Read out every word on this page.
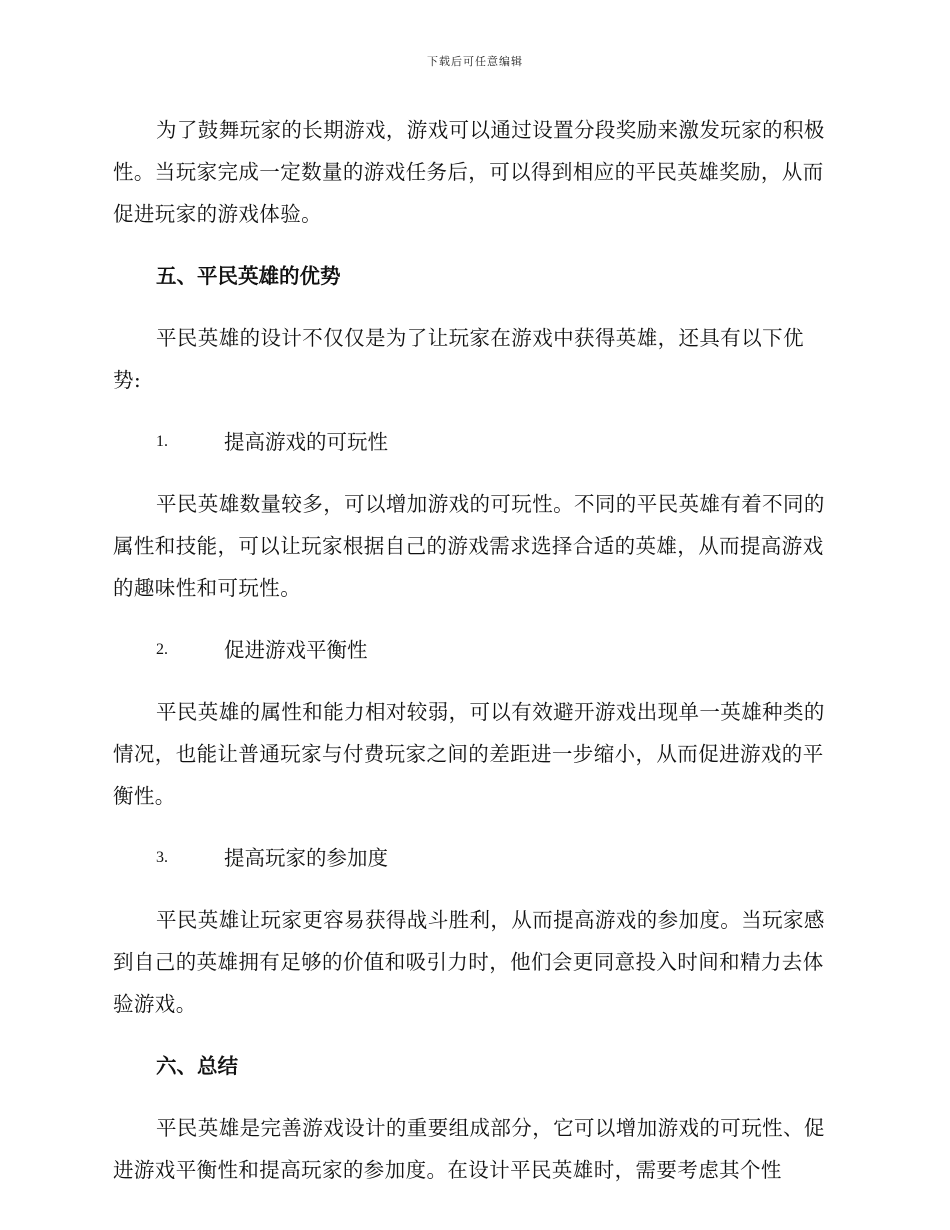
下载后可任意编辑

为了鼓舞玩家的长期游戏，游戏可以通过设置分段奖励来激发玩家的积极性。当玩家完成一定数量的游戏任务后，可以得到相应的平民英雄奖励，从而促进玩家的游戏体验。

五、平民英雄的优势

平民英雄的设计不仅仅是为了让玩家在游戏中获得英雄，还具有以下优势:

1.	提高游戏的可玩性

平民英雄数量较多，可以增加游戏的可玩性。不同的平民英雄有着不同的属性和技能，可以让玩家根据自己的游戏需求选择合适的英雄，从而提高游戏的趣味性和可玩性。

2.	促进游戏平衡性

平民英雄的属性和能力相对较弱，可以有效避开游戏出现单一英雄种类的情况，也能让普通玩家与付费玩家之间的差距进一步缩小，从而促进游戏的平衡性。

3.	提高玩家的参加度

平民英雄让玩家更容易获得战斗胜利，从而提高游戏的参加度。当玩家感到自己的英雄拥有足够的价值和吸引力时，他们会更同意投入时间和精力去体验游戏。

六、总结

平民英雄是完善游戏设计的重要组成部分，它可以增加游戏的可玩性、促进游戏平衡性和提高玩家的参加度。在设计平民英雄时，需要考虑其个性
